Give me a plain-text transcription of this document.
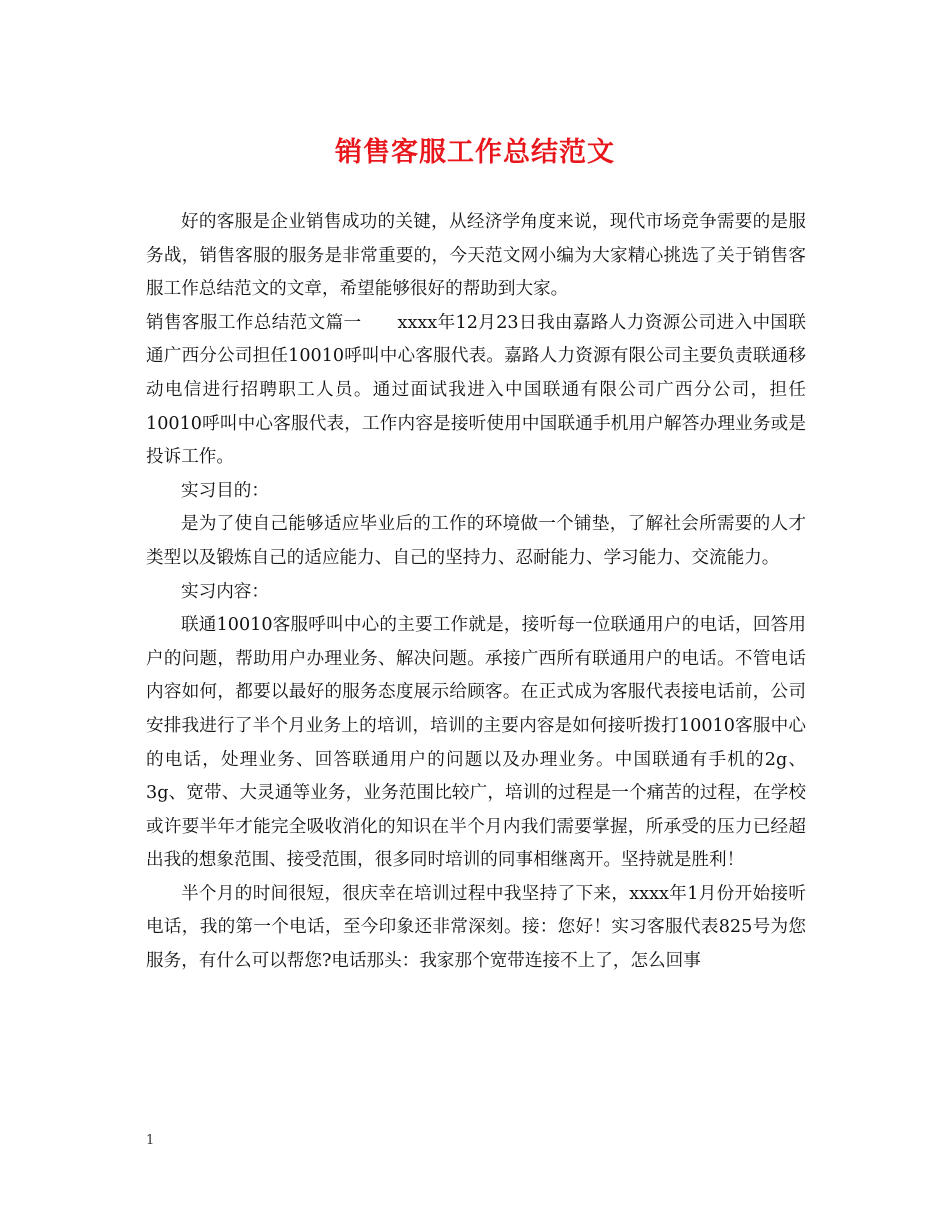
销售客服工作总结范文

好的客服是企业销售成功的关键，从经济学角度来说，现代市场竞争需要的是服务战，销售客服的服务是非常重要的，今天范文网小编为大家精心挑选了关于销售客服工作总结范文的文章，希望能够很好的帮助到大家。

销售客服工作总结范文篇一 xxxx年12月23日我由嘉路人力资源公司进入中国联通广西分公司担任10010呼叫中心客服代表。嘉路人力资源有限公司主要负责联通移动电信进行招聘职工人员。通过面试我进入中国联通有限公司广西分公司，担任10010呼叫中心客服代表，工作内容是接听使用中国联通手机用户解答办理业务或是投诉工作。

实习目的：

是为了使自己能够适应毕业后的工作的环境做一个铺垫，了解社会所需要的人才类型以及锻炼自己的适应能力、自己的坚持力、忍耐能力、学习能力、交流能力。

实习内容：

联通10010客服呼叫中心的主要工作就是，接听每一位联通用户的电话，回答用户的问题，帮助用户办理业务、解决问题。承接广西所有联通用户的电话。不管电话内容如何，都要以最好的服务态度展示给顾客。在正式成为客服代表接电话前，公司安排我进行了半个月业务上的培训，培训的主要内容是如何接听拨打10010客服中心的电话，处理业务、回答联通用户的问题以及办理业务。中国联通有手机的2g、3g、宽带、大灵通等业务，业务范围比较广，培训的过程是一个痛苦的过程，在学校或许要半年才能完全吸收消化的知识在半个月内我们需要掌握，所承受的压力已经超出我的想象范围、接受范围，很多同时培训的同事相继离开。坚持就是胜利！

半个月的时间很短，很庆幸在培训过程中我坚持了下来，xxxx年1月份开始接听电话，我的第一个电话，至今印象还非常深刻。接：您好！实习客服代表825号为您服务，有什么可以帮您?电话那头：我家那个宽带连接不上了，怎么回事

1
